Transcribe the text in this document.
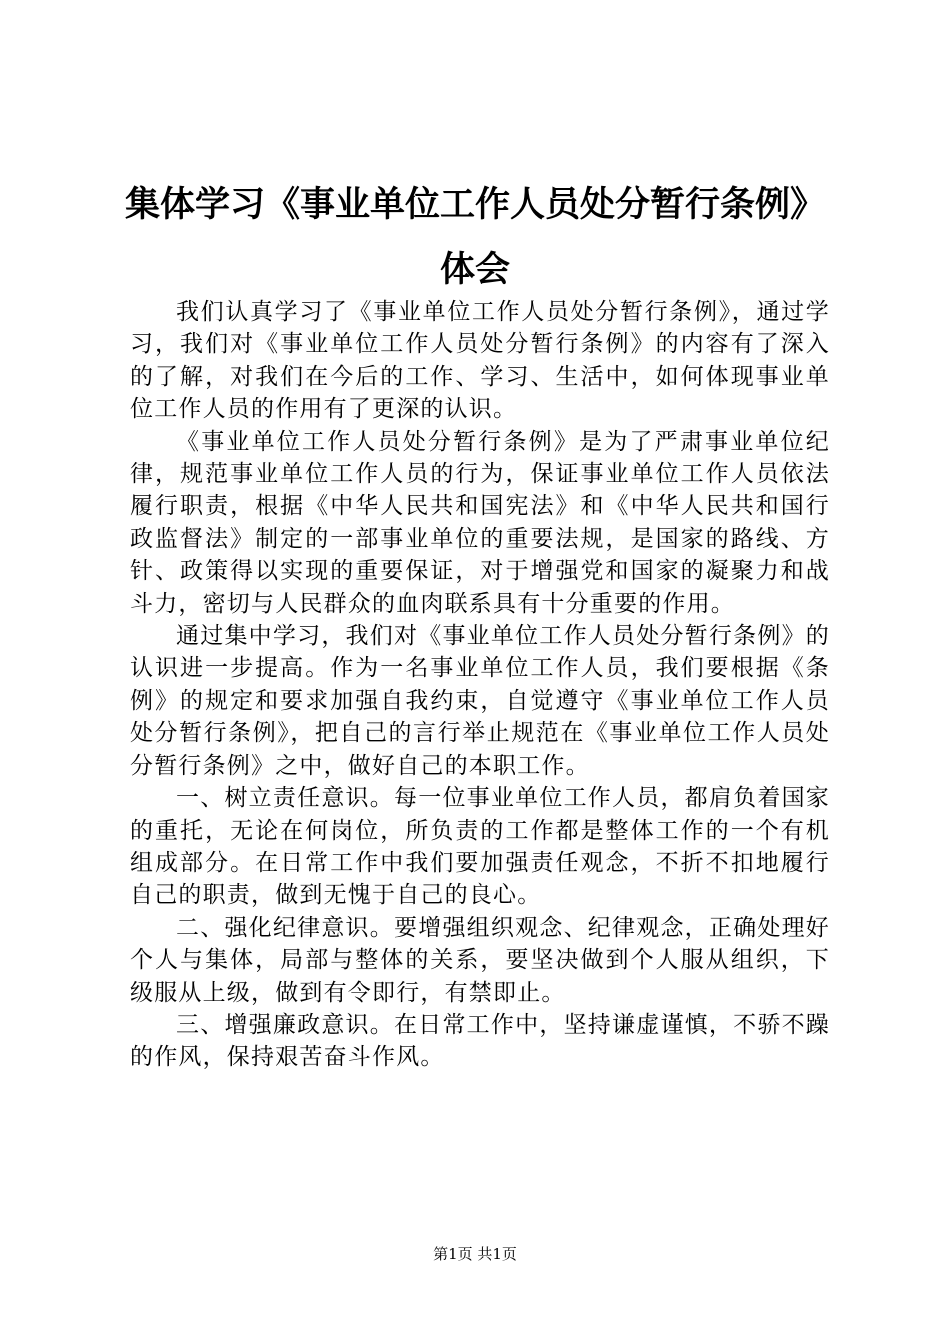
集体学习《事业单位工作人员处分暂行条例》
体会

我们认真学习了《事业单位工作人员处分暂行条例》，通过学习，我们对《事业单位工作人员处分暂行条例》的内容有了深入的了解，对我们在今后的工作、学习、生活中，如何体现事业单位工作人员的作用有了更深的认识。

《事业单位工作人员处分暂行条例》是为了严肃事业单位纪律，规范事业单位工作人员的行为，保证事业单位工作人员依法履行职责，根据《中华人民共和国宪法》和《中华人民共和国行政监督法》制定的一部事业单位的重要法规，是国家的路线、方针、政策得以实现的重要保证，对于增强党和国家的凝聚力和战斗力，密切与人民群众的血肉联系具有十分重要的作用。

通过集中学习，我们对《事业单位工作人员处分暂行条例》的认识进一步提高。作为一名事业单位工作人员，我们要根据《条例》的规定和要求加强自我约束，自觉遵守《事业单位工作人员处分暂行条例》，把自己的言行举止规范在《事业单位工作人员处分暂行条例》之中，做好自己的本职工作。

一、树立责任意识。每一位事业单位工作人员，都肩负着国家的重托，无论在何岗位，所负责的工作都是整体工作的一个有机组成部分。在日常工作中我们要加强责任观念，不折不扣地履行自己的职责，做到无愧于自己的良心。

二、强化纪律意识。要增强组织观念、纪律观念，正确处理好个人与集体，局部与整体的关系，要坚决做到个人服从组织，下级服从上级，做到有令即行，有禁即止。

三、增强廉政意识。在日常工作中，坚持谦虚谨慎，不骄不躁的作风，保持艰苦奋斗作风。

第1页 共1页
